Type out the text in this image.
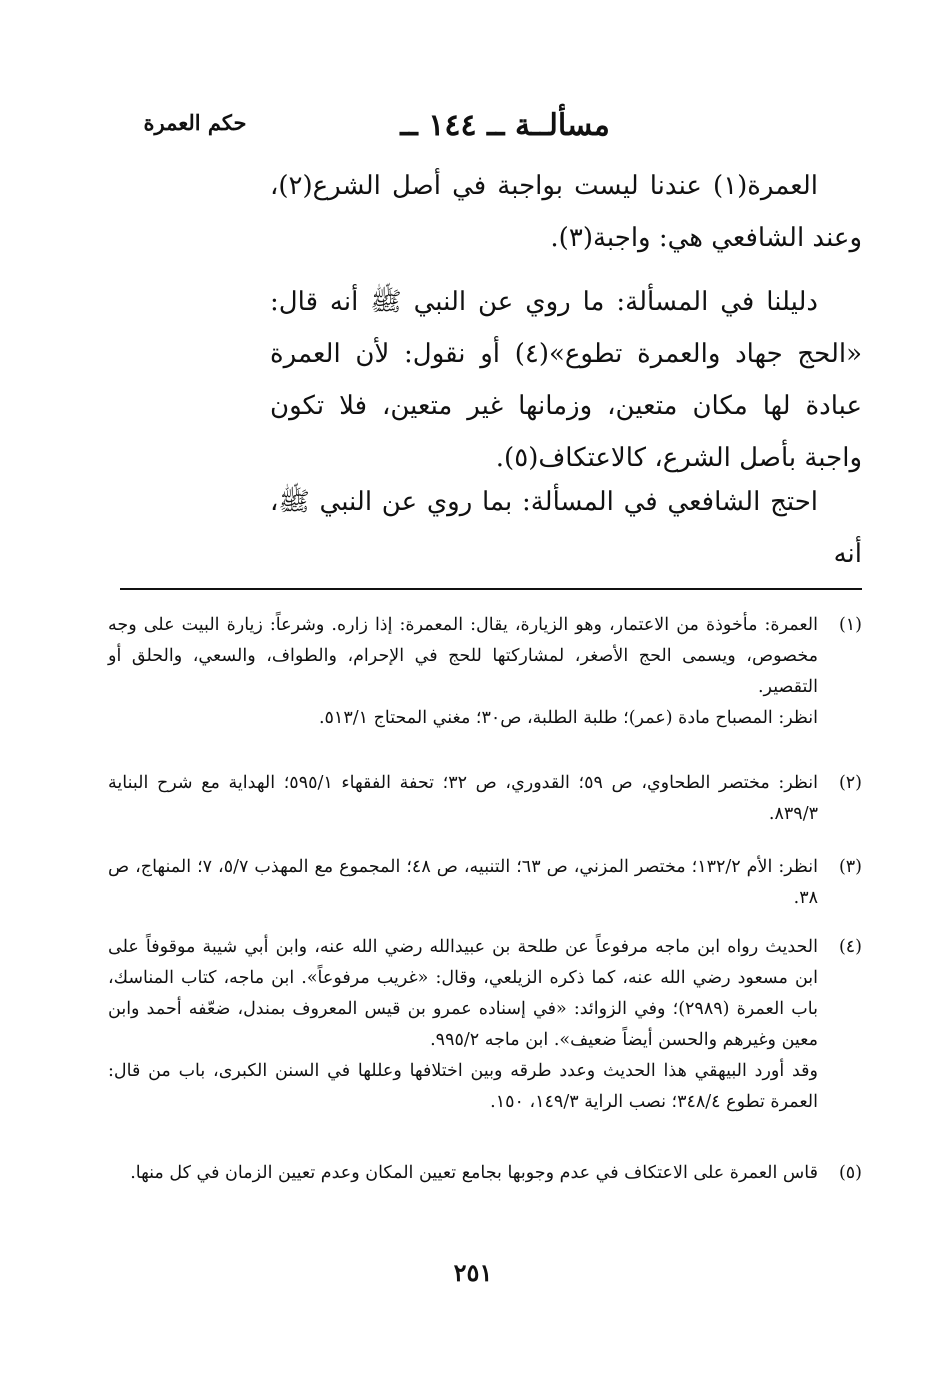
مسألــة ــ ١٤٤ ــ
حكم العمرة

العمرة(١) عندنا ليست بواجبة في أصل الشرع(٢)، وعند الشافعي هي: واجبة(٣).

دليلنا في المسألة: ما روي عن النبي ﷺ أنه قال: «الحج جهاد والعمرة تطوع»(٤) أو نقول: لأن العمرة عبادة لها مكان متعين، وزمانها غير متعين، فلا تكون واجبة بأصل الشرع، كالاعتكاف(٥).

احتج الشافعي في المسألة: بما روي عن النبي ﷺ، أنه

(١)
العمرة: مأخوذة من الاعتمار، وهو الزيارة، يقال: المعمرة: إذا زاره. وشرعاً: زيارة البيت على وجه مخصوص، ويسمى الحج الأصغر، لمشاركتها للحج في الإحرام، والطواف، والسعي، والحلق أو التقصير.
انظر: المصباح مادة (عمر)؛ طلبة الطلبة، ص٣٠؛ مغني المحتاج ٥١٣/١.
(٢)
انظر: مختصر الطحاوي، ص ٥٩؛ القدوري، ص ٣٢؛ تحفة الفقهاء ٥٩٥/١؛ الهداية مع شرح البناية ٨٣٩/٣.
(٣)
انظر: الأم ١٣٢/٢؛ مختصر المزني، ص ٦٣؛ التنبيه، ص ٤٨؛ المجموع مع المهذب ٥/٧، ٧؛ المنهاج، ص ٣٨.
(٤)
الحديث رواه ابن ماجه مرفوعاً عن طلحة بن عبيدالله رضي الله عنه، وابن أبي شيبة موقوفاً على ابن مسعود رضي الله عنه، كما ذكره الزيلعي، وقال: «غريب مرفوعاً». ابن ماجه، كتاب المناسك، باب العمرة (٢٩٨٩)؛ وفي الزوائد: «في إسناده عمرو بن قيس المعروف بمندل، ضعّفه أحمد وابن معين وغيرهم والحسن أيضاً ضعيف». ابن ماجه ٩٩٥/٢.
وقد أورد البيهقي هذا الحديث وعدد طرقه وبين اختلافها وعللها في السنن الكبرى، باب من قال: العمرة تطوع ٣٤٨/٤؛ نصب الراية ١٤٩/٣، ١٥٠.
(٥)
قاس العمرة على الاعتكاف في عدم وجوبها بجامع تعيين المكان وعدم تعيين الزمان في كل منها.
٢٥١
